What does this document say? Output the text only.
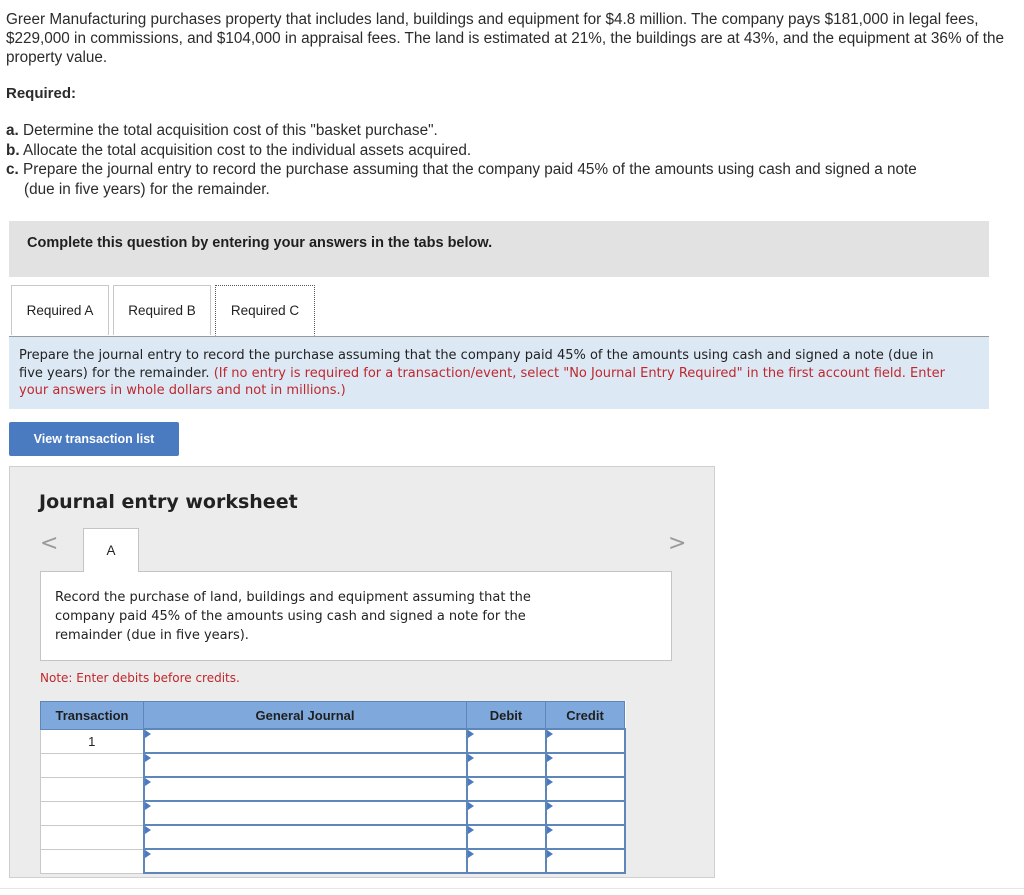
Greer Manufacturing purchases property that includes land, buildings and equipment for $4.8 million. The company pays $181,000 in legal fees, $229,000 in commissions, and $104,000 in appraisal fees. The land is estimated at 21%, the buildings are at 43%, and the equipment at 36% of the property value.
Required:
a. Determine the total acquisition cost of this "basket purchase".
b. Allocate the total acquisition cost to the individual assets acquired.
c. Prepare the journal entry to record the purchase assuming that the company paid 45% of the amounts using cash and signed a note
(due in five years) for the remainder.
Complete this question by entering your answers in the tabs below.
Required A	Required B	Required C
Prepare the journal entry to record the purchase assuming that the company paid 45% of the amounts using cash and signed a note (due in five years) for the remainder. (If no entry is required for a transaction/event, select "No Journal Entry Required" in the first account field. Enter your answers in whole dollars and not in millions.)
View transaction list
Journal entry worksheet
<	>
A
Record the purchase of land, buildings and equipment assuming that the company paid 45% of the amounts using cash and signed a note for the remainder (due in five years).
Note: Enter debits before credits.
Transaction	General Journal	Debit	Credit
1			
